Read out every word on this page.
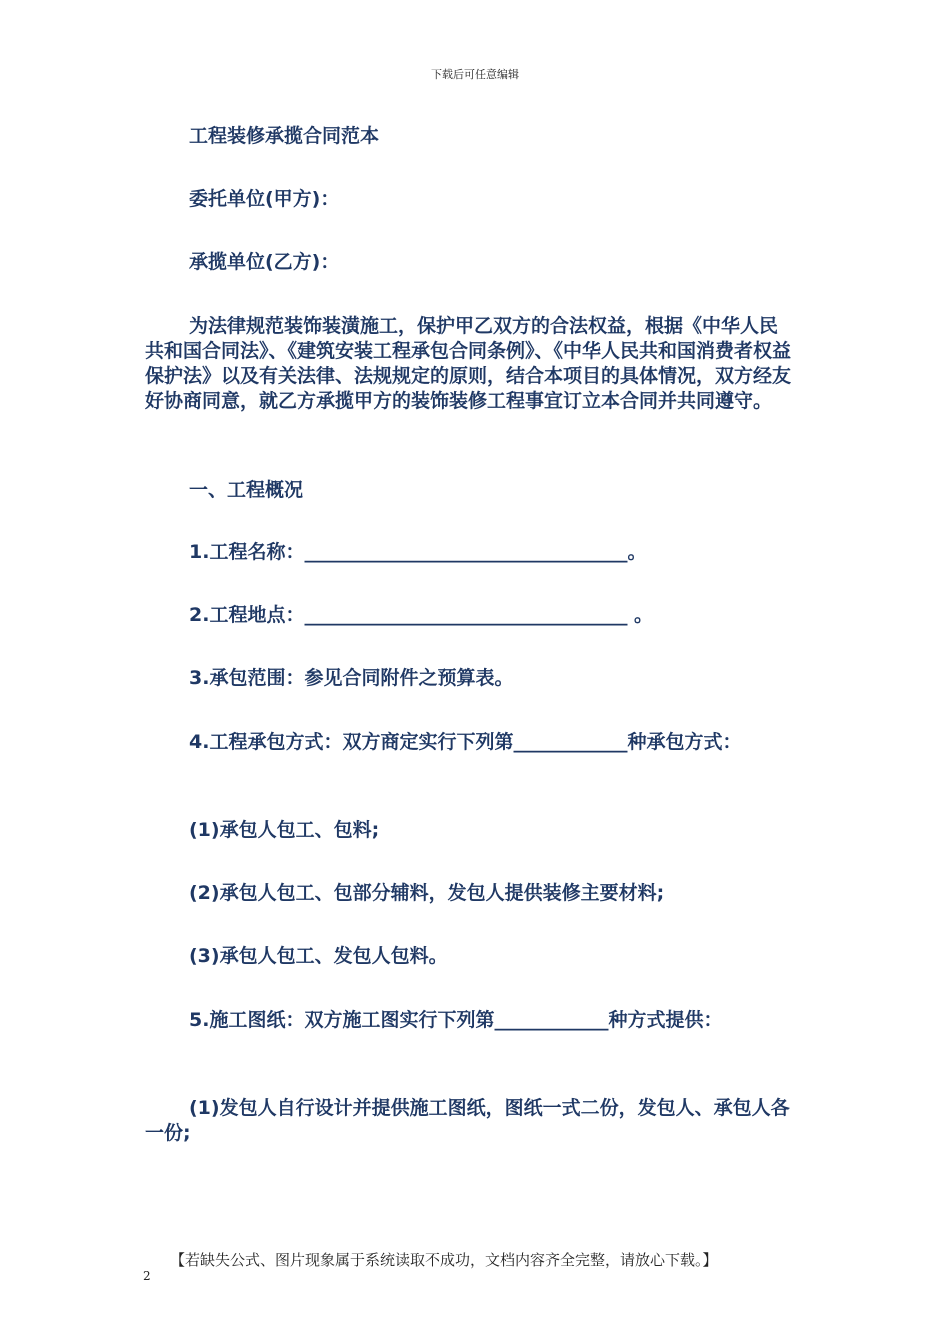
下载后可任意编辑
工程装修承揽合同范本
委托单位(甲方)：
承揽单位(乙方)：
为法律规范装饰装潢施工，保护甲乙双方的合法权益，根据《中华人民共和国合同法》、《建筑安装工程承包合同条例》、《中华人民共和国消费者权益保护法》以及有关法律、法规规定的原则，结合本项目的具体情况，双方经友好协商同意，就乙方承揽甲方的装饰装修工程事宜订立本合同并共同遵守。
一、工程概况
1.工程名称：__________________________________。
2.工程地点：__________________________________ 。
3.承包范围：参见合同附件之预算表。
4.工程承包方式：双方商定实行下列第____________种承包方式：
(1)承包人包工、包料;
(2)承包人包工、包部分辅料，发包人提供装修主要材料;
(3)承包人包工、发包人包料。
5.施工图纸：双方施工图实行下列第____________种方式提供：
(1)发包人自行设计并提供施工图纸，图纸一式二份，发包人、承包人各一份;
【若缺失公式、图片现象属于系统读取不成功，文档内容齐全完整，请放心下载。】
2
